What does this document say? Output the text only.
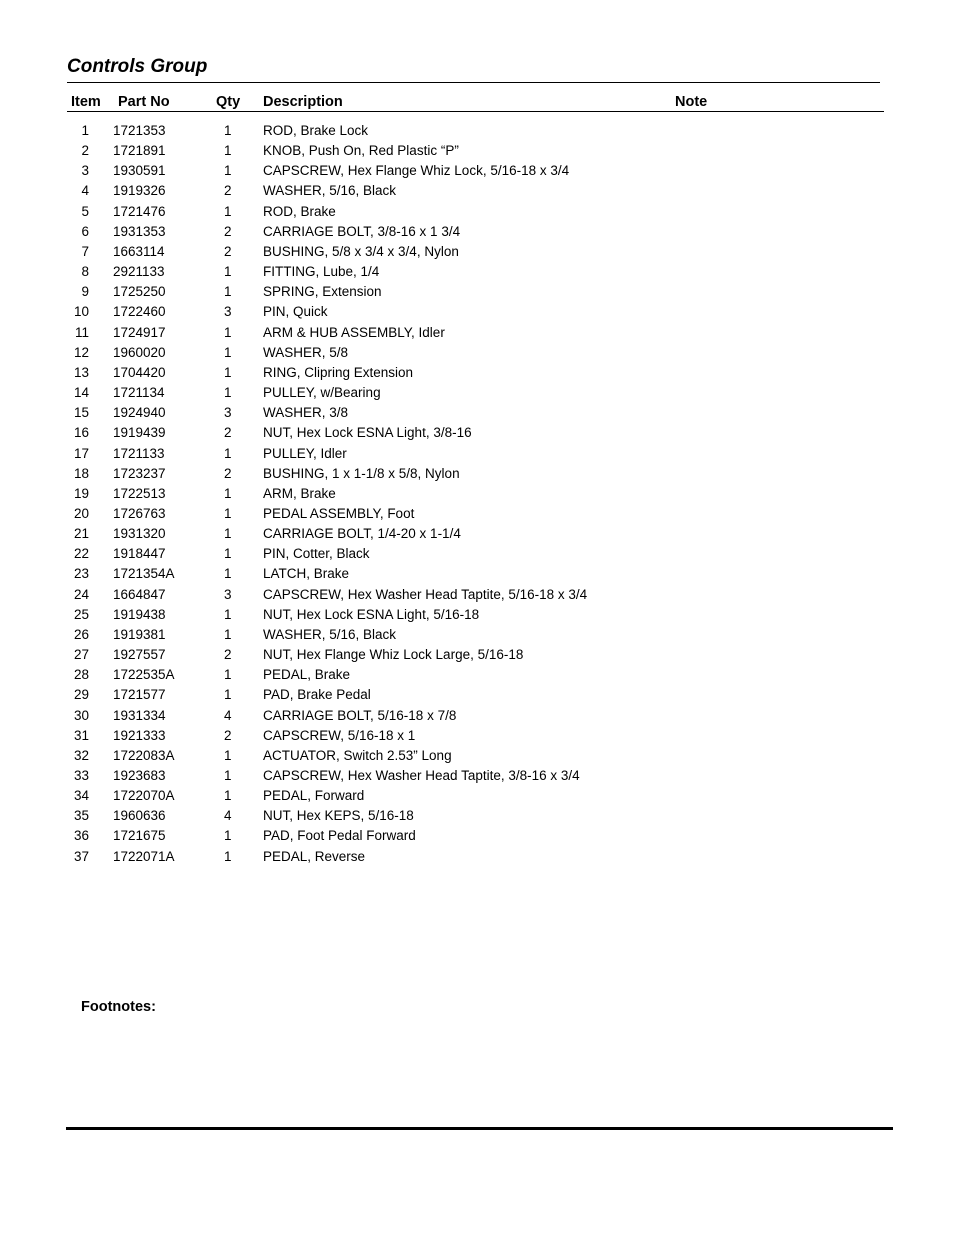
Controls Group
Item Part No	Qty Description	Note
1 1721353	1 ROD, Brake Lock
2 1721891	1 KNOB, Push On, Red Plastic “P”
3 1930591	1 CAPSCREW, Hex Flange Whiz Lock, 5/16-18 x 3/4
4 1919326	2 WASHER, 5/16, Black
5 1721476	1 ROD, Brake
6 1931353	2 CARRIAGE BOLT, 3/8-16 x 1 3/4
7 1663114	2 BUSHING, 5/8 x 3/4 x 3/4, Nylon
8 2921133	1 FITTING, Lube, 1/4
9 1725250	1 SPRING, Extension
10 1722460	3 PIN, Quick
11 1724917	1 ARM & HUB ASSEMBLY, Idler
12 1960020	1 WASHER, 5/8
13 1704420	1 RING, Clipring Extension
14 1721134	1 PULLEY, w/Bearing
15 1924940	3 WASHER, 3/8
16 1919439	2 NUT, Hex Lock ESNA Light, 3/8-16
17 1721133	1 PULLEY, Idler
18 1723237	2 BUSHING, 1 x 1-1/8 x 5/8, Nylon
19 1722513	1 ARM, Brake
20 1726763	1 PEDAL ASSEMBLY, Foot
21 1931320	1 CARRIAGE BOLT, 1/4-20 x 1-1/4
22 1918447	1 PIN, Cotter, Black
23 1721354A	1 LATCH, Brake
24 1664847	3 CAPSCREW, Hex Washer Head Taptite, 5/16-18 x 3/4
25 1919438	1 NUT, Hex Lock ESNA Light, 5/16-18
26 1919381	1 WASHER, 5/16, Black
27 1927557	2 NUT, Hex Flange Whiz Lock Large, 5/16-18
28 1722535A	1 PEDAL, Brake
29 1721577	1 PAD, Brake Pedal
30 1931334	4 CARRIAGE BOLT, 5/16-18 x 7/8
31 1921333	2 CAPSCREW, 5/16-18 x 1
32 1722083A	1 ACTUATOR, Switch 2.53” Long
33 1923683	1 CAPSCREW, Hex Washer Head Taptite, 3/8-16 x 3/4
34 1722070A	1 PEDAL, Forward
35 1960636	4 NUT, Hex KEPS, 5/16-18
36 1721675	1 PAD, Foot Pedal Forward
37 1722071A	1 PEDAL, Reverse
Footnotes:
